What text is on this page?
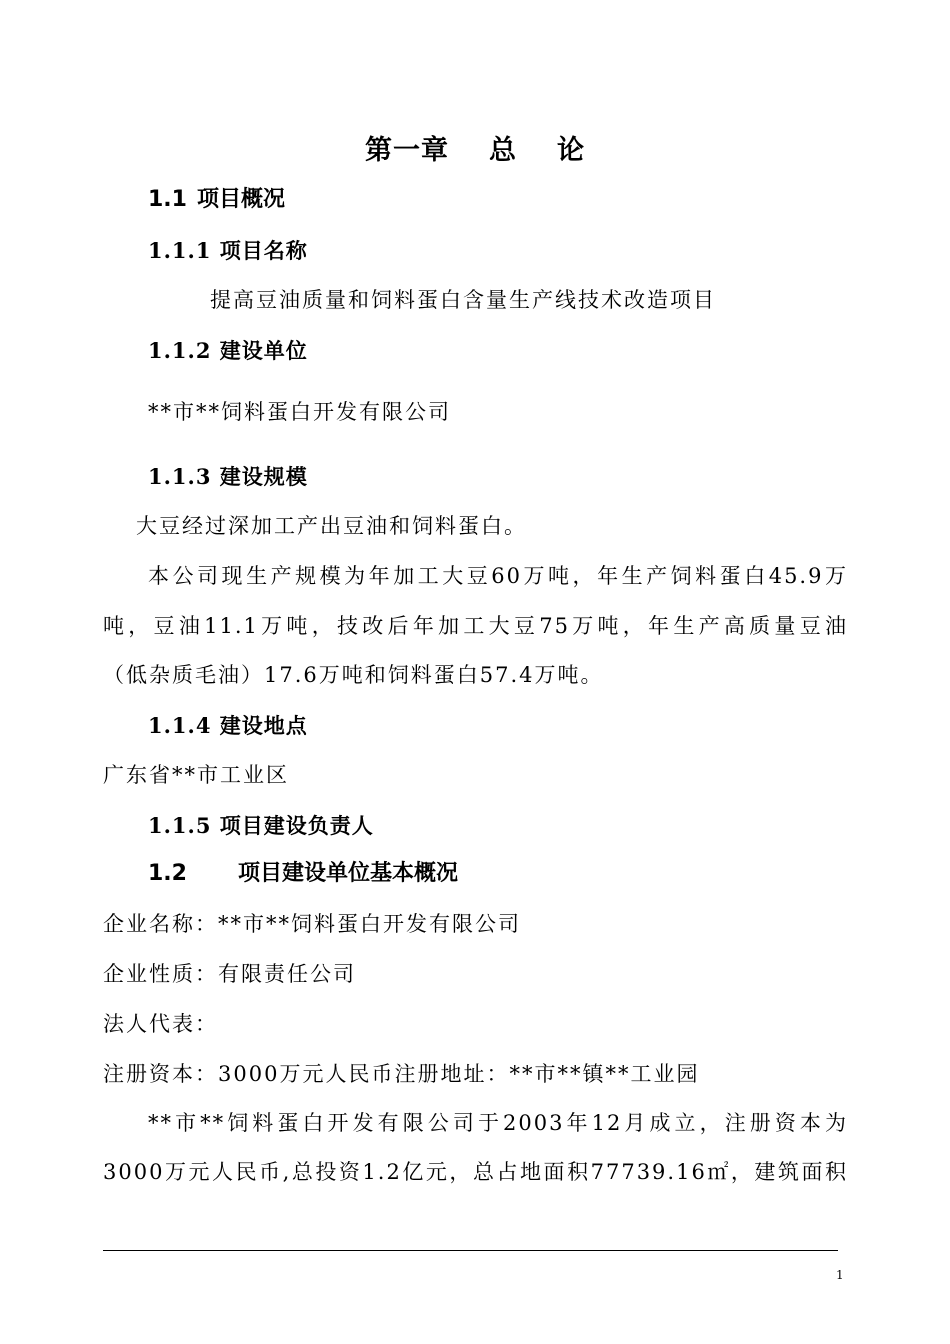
第一章 总 论
1.1 项目概况
1.1.1 项目名称
提高豆油质量和饲料蛋白含量生产线技术改造项目
1.1.2 建设单位
**市**饲料蛋白开发有限公司
1.1.3 建设规模
大豆经过深加工产出豆油和饲料蛋白。
本公司现生产规模为年加工大豆60万吨，年生产饲料蛋白45.9万
吨，豆油11.1万吨，技改后年加工大豆75万吨，年生产高质量豆油
（低杂质毛油）17.6万吨和饲料蛋白57.4万吨。
1.1.4 建设地点
广东省**市工业区
1.1.5 项目建设负责人
1.2 项目建设单位基本概况
企业名称：**市**饲料蛋白开发有限公司
企业性质：有限责任公司
法人代表：
注册资本：3000万元人民币注册地址：**市**镇**工业园
**市**饲料蛋白开发有限公司于2003年12月成立，注册资本为
3000万元人民币,总投资1.2亿元，总占地面积77739.16㎡，建筑面积
1
